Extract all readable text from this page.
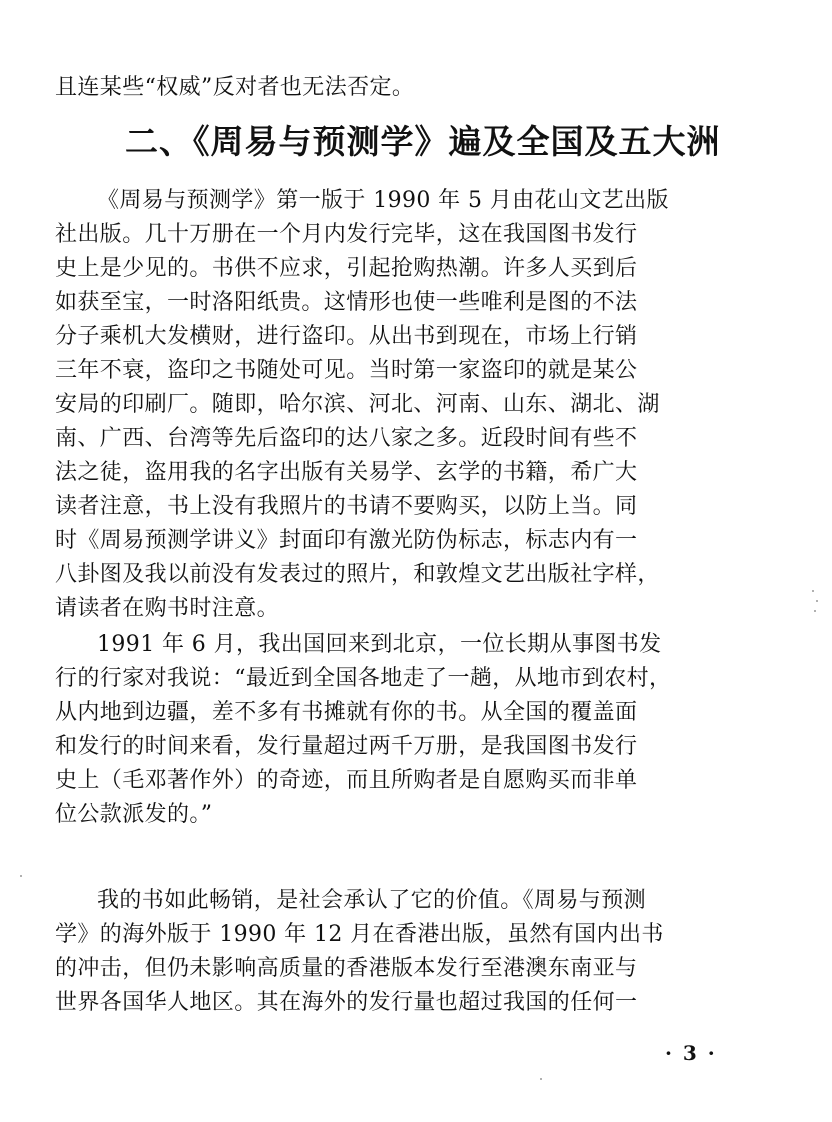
且连某些“权威”反对者也无法否定。
二、《周易与预测学》遍及全国及五大洲
《周易与预测学》第一版于 1990 年 5 月由花山文艺出版
社出版。几十万册在一个月内发行完毕，这在我国图书发行
史上是少见的。书供不应求，引起抢购热潮。许多人买到后
如获至宝，一时洛阳纸贵。这情形也使一些唯利是图的不法
分子乘机大发横财，进行盗印。从出书到现在，市场上行销
三年不衰，盗印之书随处可见。当时第一家盗印的就是某公
安局的印刷厂。随即，哈尔滨、河北、河南、山东、湖北、湖
南、广西、台湾等先后盗印的达八家之多。近段时间有些不
法之徒，盗用我的名字出版有关易学、玄学的书籍，希广大
读者注意，书上没有我照片的书请不要购买，以防上当。同
时《周易预测学讲义》封面印有激光防伪标志，标志内有一
八卦图及我以前没有发表过的照片，和敦煌文艺出版社字样，
请读者在购书时注意。
1991 年 6 月，我出国回来到北京，一位长期从事图书发
行的行家对我说：“最近到全国各地走了一趟，从地市到农村，
从内地到边疆，差不多有书摊就有你的书。从全国的覆盖面
和发行的时间来看，发行量超过两千万册，是我国图书发行
史上（毛邓著作外）的奇迹，而且所购者是自愿购买而非单
位公款派发的。”
我的书如此畅销，是社会承认了它的价值。《周易与预测
学》的海外版于 1990 年 12 月在香港出版，虽然有国内出书
的冲击，但仍未影响高质量的香港版本发行至港澳东南亚与
世界各国华人地区。其在海外的发行量也超过我国的任何一
· 3 ·
